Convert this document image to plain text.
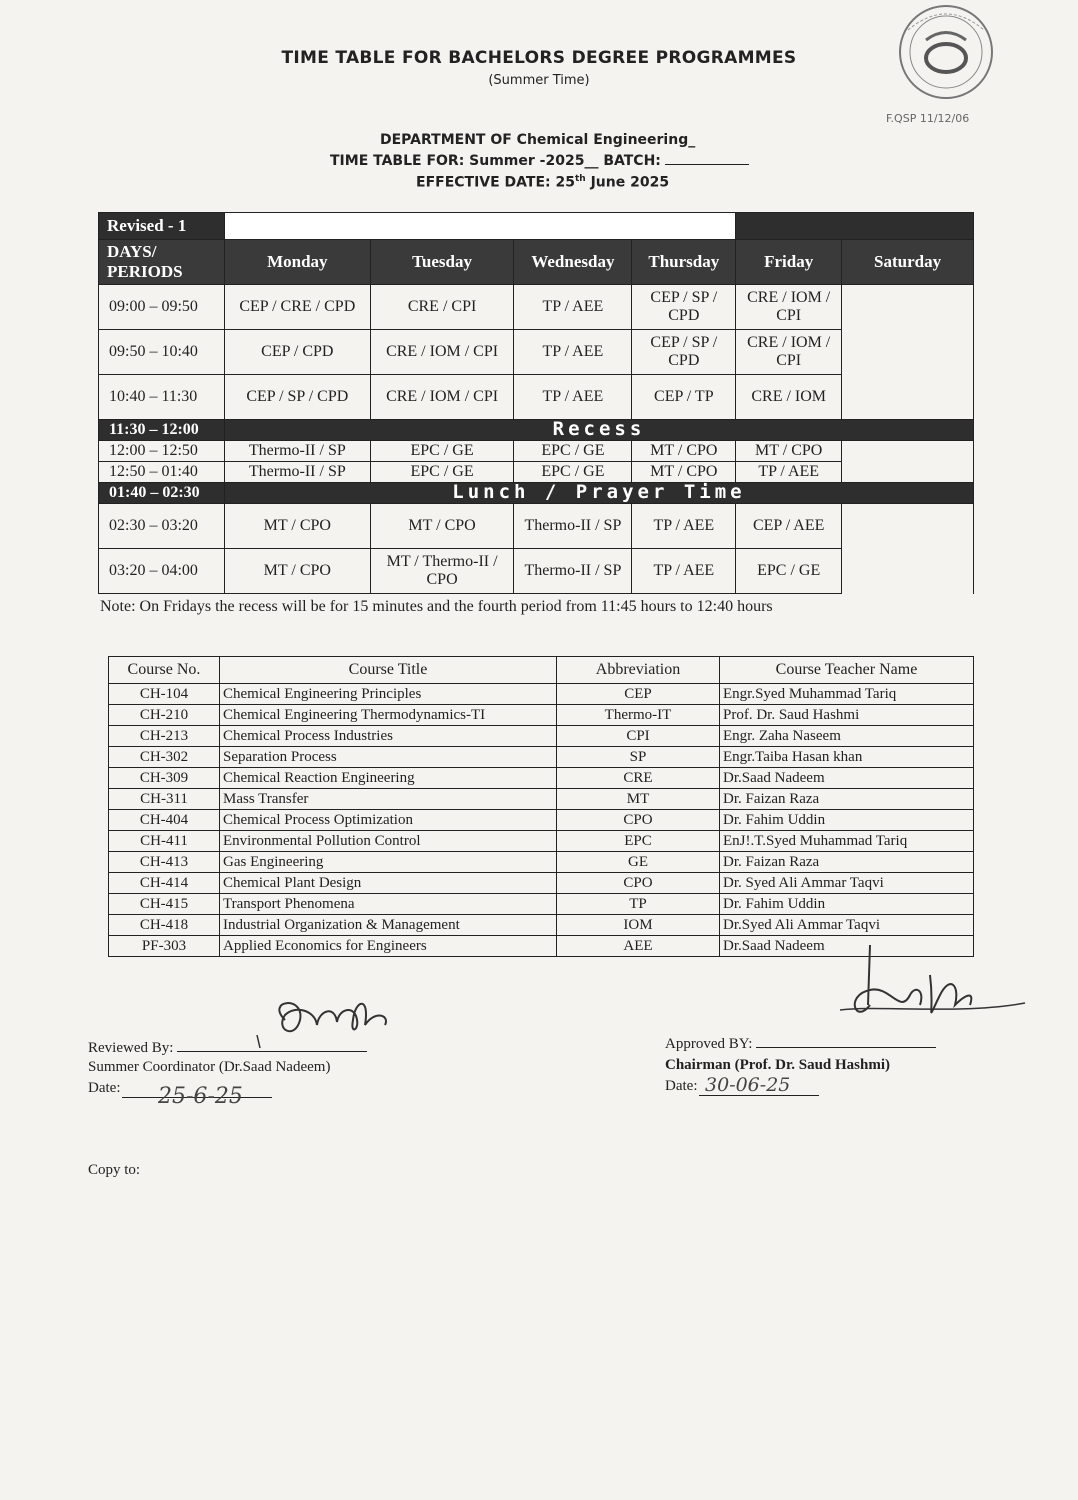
TIME TABLE FOR BACHELORS DEGREE PROGRAMMES
(Summer Time)
DEPARTMENT OF Chemical Engineering_
TIME TABLE FOR: Summer -2025__ BATCH:
EFFECTIVE DATE: 25th June 2025
F.QSP 11/12/06
Revised - 1						
DAYS/
PERIODS	Monday	Tuesday	Wednesday	Thursday	Friday	Saturday
09:00 – 09:50	CEP / CRE / CPD	CRE / CPI	TP / AEE	CEP / SP / CPD	CRE / IOM / CPI	
09:50 – 10:40	CEP / CPD	CRE / IOM / CPI	TP / AEE	CEP / SP / CPD	CRE / IOM / CPI	
10:40 – 11:30	CEP / SP / CPD	CRE / IOM / CPI	TP / AEE	CEP / TP	CRE / IOM	
11:30 – 12:00	Recess					
12:00 – 12:50	Thermo-II / SP	EPC / GE	EPC / GE	MT / CPO	MT / CPO	
12:50 – 01:40	Thermo-II / SP	EPC / GE	EPC / GE	MT / CPO	TP / AEE	
01:40 – 02:30	Lunch / Prayer Time					
02:30 – 03:20	MT / CPO	MT / CPO	Thermo-II / SP	TP / AEE	CEP / AEE	
03:20 – 04:00	MT / CPO	MT / Thermo-II / CPO	Thermo-II / SP	TP / AEE	EPC / GE	
Note: On Fridays the recess will be for 15 minutes and the fourth period from 11:45 hours to 12:40 hours
Course No.	Course Title	Abbreviation	Course Teacher Name
CH-104	Chemical Engineering Principles	CEP	Engr.Syed Muhammad Tariq
CH-210	Chemical Engineering Thermodynamics-TI	Thermo-IT	Prof. Dr. Saud Hashmi
CH-213	Chemical Process Industries	CPI	Engr. Zaha Naseem
CH-302	Separation Process	SP	Engr.Taiba Hasan khan
CH-309	Chemical Reaction Engineering	CRE	Dr.Saad Nadeem
CH-311	Mass Transfer	MT	Dr. Faizan Raza
CH-404	Chemical Process Optimization	CPO	Dr. Fahim Uddin
CH-411	Environmental Pollution Control	EPC	EnJ!.T.Syed Muhammad Tariq
CH-413	Gas Engineering	GE	Dr. Faizan Raza
CH-414	Chemical Plant Design	CPO	Dr. Syed Ali Ammar Taqvi
CH-415	Transport Phenomena	TP	Dr. Fahim Uddin
CH-418	Industrial Organization & Management	IOM	Dr.Syed Ali Ammar Taqvi
PF-303	Applied Economics for Engineers	AEE	Dr.Saad Nadeem
Reviewed By:
Summer Coordinator (Dr.Saad Nadeem)
Date:	25-6-25
Approved BY:
Chairman (Prof. Dr. Saud Hashmi)
Date: 30-06-25
Copy to:
